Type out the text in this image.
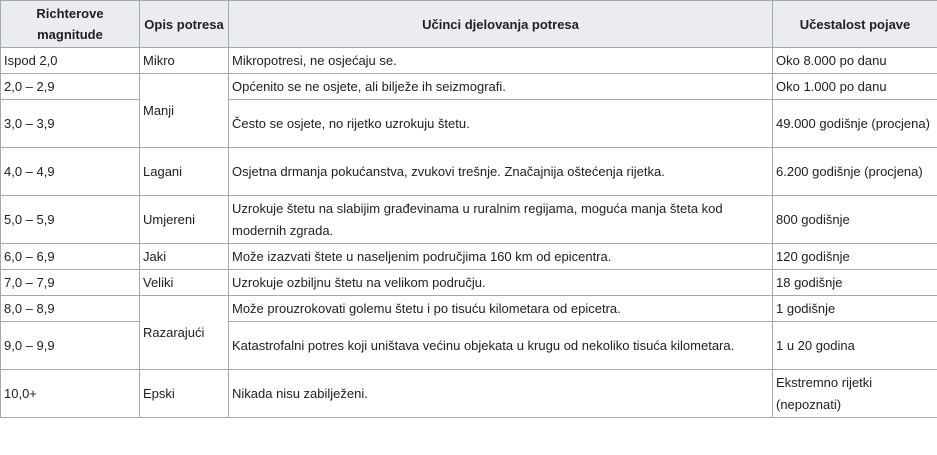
Richterove magnitude	Opis potresa	Učinci djelovanja potresa	Učestalost pojave
Ispod 2,0	Mikro	Mikropotresi, ne osjećaju se.	Oko 8.000 po danu
2,0 – 2,9	Manji	Općenito se ne osjete, ali bilježe ih seizmografi.	Oko 1.000 po danu
3,0 – 3,9		Često se osjete, no rijetko uzrokuju štetu.	49.000 godišnje (procjena)
4,0 – 4,9	Lagani	Osjetna drmanja pokućanstva, zvukovi trešnje. Značajnija oštećenja rijetka.	6.200 godišnje (procjena)
5,0 – 5,9	Umjereni	Uzrokuje štetu na slabijim građevinama u ruralnim regijama, moguća manja šteta kod modernih zgrada.	800 godišnje
6,0 – 6,9	Jaki	Može izazvati štete u naseljenim područjima 160 km od epicentra.	120 godišnje
7,0 – 7,9	Veliki	Uzrokuje ozbiljnu štetu na velikom području.	18 godišnje
8,0 – 8,9	Razarajući	Može prouzrokovati golemu štetu i po tisuću kilometara od epicetra.	1 godišnje
9,0 – 9,9		Katastrofalni potres koji uništava većinu objekata u krugu od nekoliko tisuća kilometara.	1 u 20 godina
10,0+	Epski	Nikada nisu zabilježeni.	Ekstremno rijetki (nepoznati)
